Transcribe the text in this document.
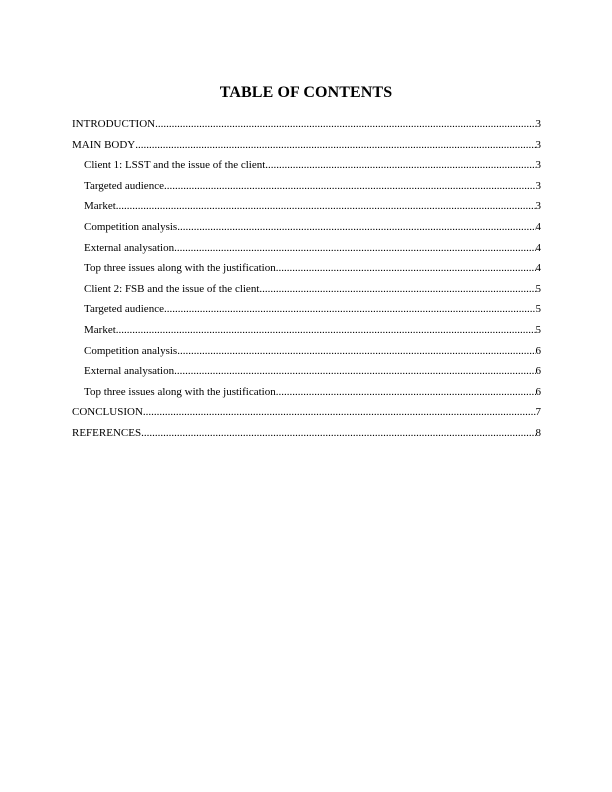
TABLE OF CONTENTS
INTRODUCTION .....	3
MAIN BODY .....	3
Client 1: LSST and the issue of the client .....	3
Targeted audience .....	3
Market .....	3
Competition analysis .....	4
External analysation .....	4
Top three issues along with the justification .....	4
Client 2: FSB and the issue of the client .....	5
Targeted audience .....	5
Market .....	5
Competition analysis .....	6
External analysation .....	6
Top three issues along with the justification .....	6
CONCLUSION .....	7
REFERENCES .....	8
